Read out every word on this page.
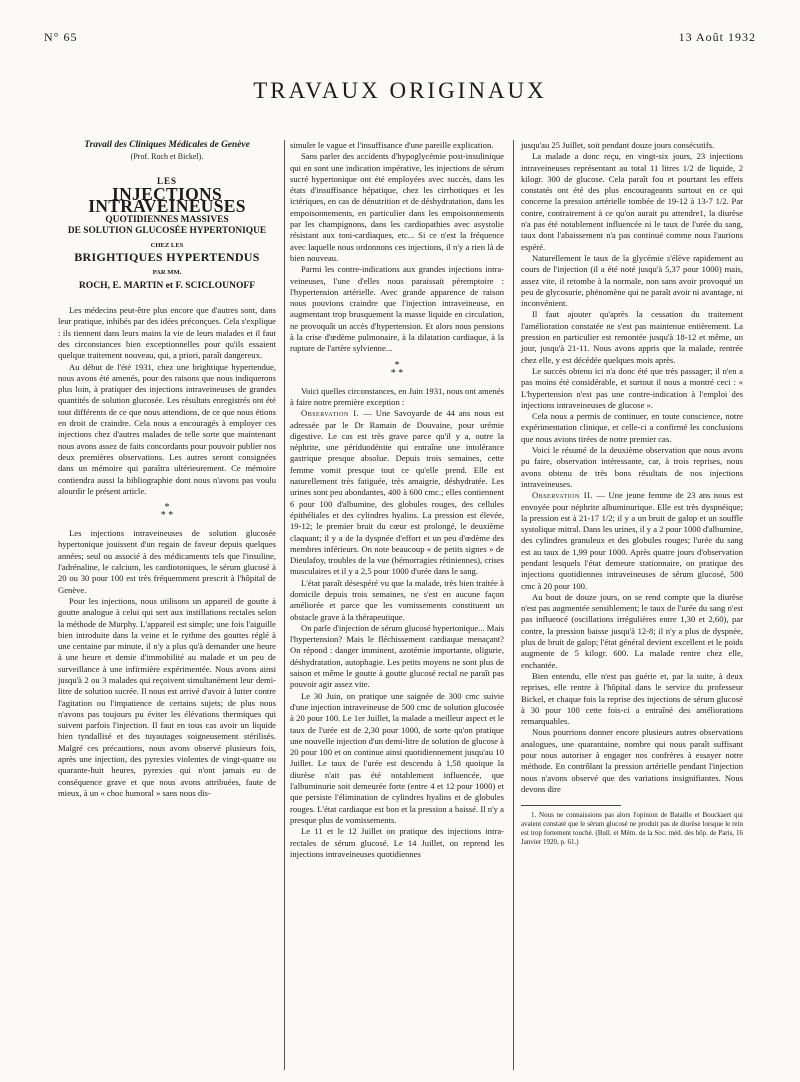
N° 65	13 Août 1932
TRAVAUX ORIGINAUX
Travail des Cliniques Médicales de Genève
(Prof. Roch et Bickel).
LES
INJECTIONS INTRAVEINEUSES
QUOTIDIENNES MASSIVES
DE SOLUTION GLUCOSÉE HYPERTONIQUE
CHEZ LES
BRIGHTIQUES HYPERTENDUS
PAR MM.
ROCH, E. MARTIN et F. SCICLOUNOFF

Les médecins peut-être plus encore que d'autres sont, dans leur pratique, inhibés par des idées préconçues. Cela s'explique : ils tiennent dans leurs mains la vie de leurs malades et il faut des circonstances bien exceptionnelles pour qu'ils essaient quelque traitement nouveau, qui, a priori, paraît dangereux.

Au début de l'été 1931, chez une brightique hypertendue, nous avons été amenés, pour des raisons que nous indiquerons plus loin, à pratiquer des injections intraveineuses de grandes quantités de solution glucosée. Les résultats enregistrés ont été tout différents de ce que nous attendions, de ce que nous étions en droit de craindre. Cela nous a encouragés à employer ces injections chez d'autres malades de telle sorte que maintenant nous avons assez de faits concordants pour pouvoir publier nos deux premières observations. Les autres seront consignées dans un mémoire qui paraîtra ultérieurement. Ce mémoire contiendra aussi la bibliographie dont nous n'avons pas voulu alourdir le présent article.

*
* *

Les injections intraveineuses de solution glucosée hypertonique jouissent d'un regain de faveur depuis quelques années; seul ou associé à des médicaments tels que l'insuline, l'adrénaline, le calcium, les cardiotoniques, le sérum glucosé à 20 ou 30 pour 100 est très fréquemment prescrit à l'hôpital de Genève.

Pour les injections, nous utilisons un appareil de goutte à goutte analogue à celui qui sert aux instillations rectales selon la méthode de Murphy. L'appareil est simple; une fois l'aiguille bien introduite dans la veine et le rythme des gouttes réglé à une centaine par minute, il n'y a plus qu'à demander une heure à une heure et demie d'immobilité au malade et un peu de surveillance à une infirmière expérimentée. Nous avons ainsi jusqu'à 2 ou 3 malades qui reçoivent simultanément leur demi-litre de solution sucrée. Il nous est arrivé d'avoir à lutter contre l'agitation ou l'impatience de certains sujets; de plus nous n'avons pas toujours pu éviter les élévations thermiques qui suivent parfois l'injection. Il faut en tous cas avoir un liquide bien tyndallisé et des tuyautages soigneusement stérilisés. Malgré ces précautions, nous avons observé plusieurs fois, après une injection, des pyrexies violentes de vingt-quatre ou quarante-huit heures, pyrexies qui n'ont jamais eu de conséquence grave et que nous avons attribuées, faute de mieux, à un « choc humoral » sans nous dis-

simuler le vague et l'insuffisance d'une pareille explication.

Sans parler des accidents d'hypoglycémie post-insulinique qui en sont une indication impérative, les injections de sérum sucré hypertonique ont été employées avec succès, dans les états d'insuffisance hépatique, chez les cirrhotiques et les ictériques, en cas de dénutrition et de déshydratation, dans les empoisonnements, en particulier dans les empoisonnements par les champignons, dans les cardiopathies avec asystolie résistant aux toni-cardiaques, etc... Si ce n'est la fréquence avec laquelle nous ordonnons ces injections, il n'y a rien là de bien nouveau.

Parmi les contre-indications aux grandes injections intra-veineuses, l'une d'elles nous paraissait péremptoire : l'hypertension artérielle. Avec grande apparence de raison nous pouvions craindre que l'injection intraveineuse, en augmentant trop brusquement la masse liquide en circulation, ne provoquât un accès d'hypertension. Et alors nous pensions à la crise d'œdème pulmonaire, à la dilatation cardiaque, à la rupture de l'artère sylvienne...

*
* *

Voici quelles circonstances, en Juin 1931, nous ont amenés à faire notre première exception :

Observation I. — Une Savoyarde de 44 ans nous est adressée par le Dr Ramain de Douvaine, pour urémie digestive. Le cas est très grave parce qu'il y a, outre la néphrite, une périduodénite qui entraîne une intolérance gastrique presque absolue. Depuis trois semaines, cette femme vomit presque tout ce qu'elle prend. Elle est naturellement très fatiguée, très amaigrie, déshydratée. Les urines sont peu abondantes, 400 à 600 cmc.; elles contiennent 6 pour 100 d'albumine, des globules rouges, des cellules épithéliales et des cylindres hyalins. La pression est élevée, 19-12; le premier bruit du cœur est prolongé, le deuxième claquant; il y a de la dyspnée d'effort et un peu d'œdème des membres inférieurs. On note beaucoup « de petits signes » de Dieulafoy, troubles de la vue (hémorragies rétiniennes), crises musculaires et il y a 2,5 pour 1000 d'urée dans le sang.

L'état paraît désespéré vu que la malade, très bien traitée à domicile depuis trois semaines, ne s'est en aucune façon améliorée et parce que les vomissements constituent un obstacle grave à la thérapeutique.

On parle d'injection de sérum glucosé hypertonique... Mais l'hypertension? Mais le fléchissement cardiaque menaçant? On répond : danger imminent, azotémie importante, oligurie, déshydratation, autophagie. Les petits moyens ne sont plus de saison et même le goutte à goutte glucosé rectal ne paraît pas pouvoir agir assez vite.

Le 30 Juin, on pratique une saignée de 300 cmc suivie d'une injection intraveineuse de 500 cmc de solution glucosée à 20 pour 100. Le 1er Juillet, la malade a meilleur aspect et le taux de l'urée est de 2,30 pour 1000, de sorte qu'on pratique une nouvelle injection d'un demi-litre de solution de glucose à 20 pour 100 et on continue ainsi quotidiennement jusqu'au 10 Juillet. Le taux de l'urée est descendu à 1,58 quoique la diurèse n'ait pas été notablement influencée, que l'albuminurie soit demeurée forte (entre 4 et 12 pour 1000) et que persiste l'élimination de cylindres hyalins et de globules rouges. L'état cardiaque est bon et la pression a baissé. Il n'y a presque plus de vomissements.

Le 11 et le 12 Juillet on pratique des injections intra-rectales de sérum glucosé. Le 14 Juillet, on reprend les injections intraveineuses quotidiennes

jusqu'au 25 Juillet, soit pendant douze jours consécutifs.

La malade a donc reçu, en vingt-six jours, 23 injections intraveineuses représentant au total 11 litres 1/2 de liquide, 2 kilogr. 300 de glucose. Cela paraît fou et pourtant les effets constatés ont été des plus encourageants surtout en ce qui concerne la pression artérielle tombée de 19-12 à 13-7 1/2. Par contre, contrairement à ce qu'on aurait pu attendre1, la diurèse n'a pas été notablement influencée ni le taux de l'urée du sang, taux dont l'abaissement n'a pas continué comme nous l'aurions espéré.

Naturellement le taux de la glycémie s'élève rapidement au cours de l'injection (il a été noté jusqu'à 5,37 pour 1000) mais, assez vite, il retombe à la normale, non sans avoir provoqué un peu de glycosurie, phénomène qui ne paraît avoir ni avantage, ni inconvénient.

Il faut ajouter qu'après la cessation du traitement l'amélioration constatée ne s'est pas maintenue entièrement. La pression en particulier est remontée jusqu'à 18-12 et même, un jour, jusqu'à 21-11. Nous avons appris que la malade, rentrée chez elle, y est décédée quelques mois après.

Le succès obtenu ici n'a donc été que très passager; il n'en a pas moins été considérable, et surtout il nous a montré ceci : « L'hypertension n'est pas une contre-indication à l'emploi des injections intraveineuses de glucose ».

Cela nous a permis de continuer, en toute conscience, notre expérimentation clinique, et celle-ci a confirmé les conclusions que nous avions tirées de notre premier cas.

Voici le résumé de la deuxième observation que nous avons pu faire, observation intéressante, car, à trois reprises, nous avons obtenu de très bons résultats de nos injections intraveineuses.

Observation II. — Une jeune femme de 23 ans nous est envoyée pour néphrite albuminurique. Elle est très dyspnéique; la pression est à 21-17 1/2; il y a un bruit de galop et un souffle systolique mitral. Dans les urines, il y a 2 pour 1000 d'albumine, des cylindres granuleux et des globules rouges; l'urée du sang est au taux de 1,99 pour 1000. Après quatre jours d'observation pendant lesquels l'état demeure stationnaire, on pratique des injections quotidiennes intraveineuses de sérum glucosé, 500 cmc à 20 pour 100.

Au bout de douze jours, on se rend compte que la diurèse n'est pas augmentée sensiblement; le taux de l'urée du sang n'est pas influencé (oscillations irrégulières entre 1,30 et 2,60), par contre, la pression baisse jusqu'à 12-8; il n'y a plus de dyspnée, plus de bruit de galop; l'état général devient excellent et le poids augmente de 5 kilogr. 600. La malade rentre chez elle, enchantée.

Bien entendu, elle n'est pas guérie et, par la suite, à deux reprises, elle rentre à l'hôpital dans le service du professeur Bickel, et chaque fois la reprise des injections de sérum glucosé à 30 pour 100 cette fois-ci a entraîné des améliorations remarquables.

Nous pourrions donner encore plusieurs autres observations analogues, une quarantaine, nombre qui nous paraît suffisant pour nous autoriser à engager nos confrères à essayer notre méthode. En contrôlant la pression artérielle pendant l'injection nous n'avons observé que des variations insignifiantes. Nous devons dire

1. Nous ne connaissions pas alors l'opinion de Bataille et Bouckaert qui avaient constaté que le sérum glucosé ne produit pas de diurèse lorsque le rein est trop fortement touché. (Bull. et Mém. de la Soc. méd. des hôp. de Paris, 16 Janvier 1920, p. 61.)
